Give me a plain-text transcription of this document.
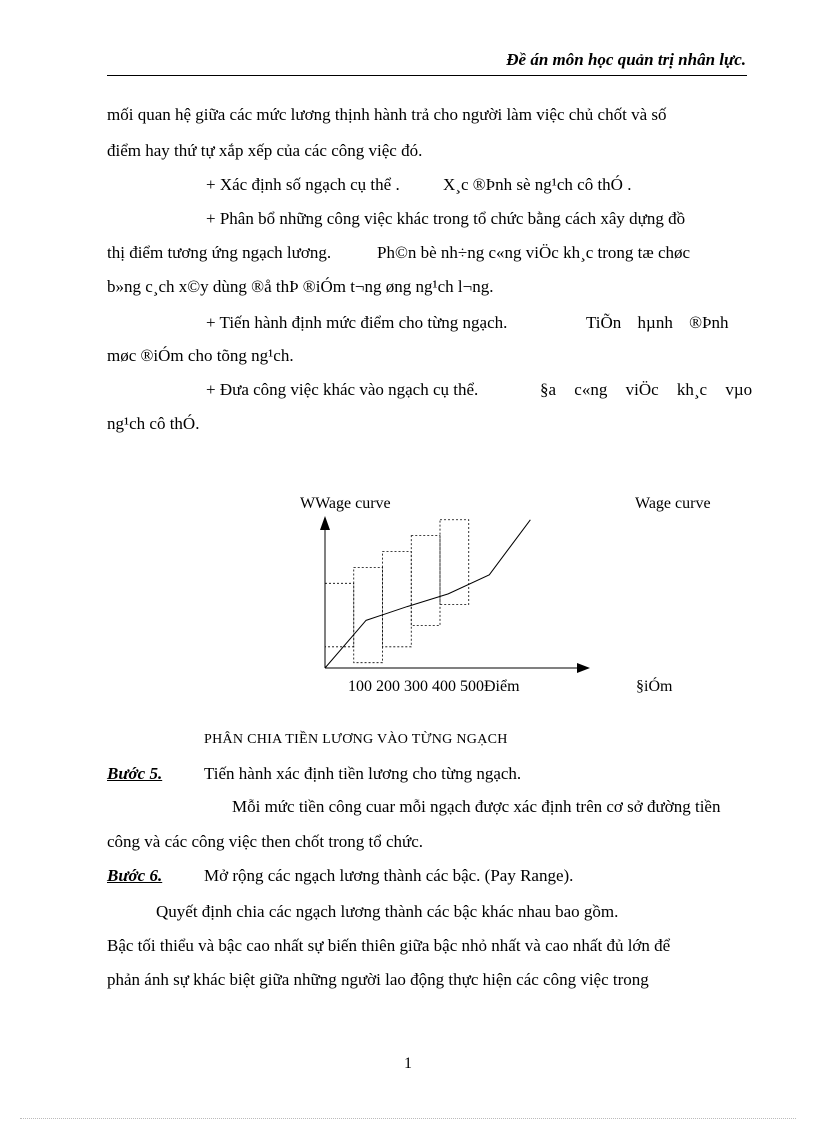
Đề án môn học quản trị nhân lực.
mối quan hệ giữa các mức lương thịnh hành trả cho người làm việc chủ chốt và số
điểm hay thứ tự xắp xếp của các công việc đó.
+ Xác định số ngạch cụ thể .	X¸c ®Þnh sè ng¹ch cô thÓ .
+ Phân bổ những công việc khác trong tổ chức bằng cách xây dựng đồ
thị điểm tương ứng ngạch lương.	Ph©n bè nh÷ng c«ng viÖc kh¸c trong tæ chøc
b»ng c¸ch x©y dùng ®å thÞ ®iÓm t¬ng øng ng¹ch l¬ng.
+ Tiến hành định mức điểm cho từng ngạch.	TiÕn hµnh ®Þnh
møc ®iÓm cho tõng ng¹ch.
+ Đưa công việc khác vào ngạch cụ thể.	§a c«ng viÖc kh¸c vµo
ng¹ch cô thÓ.
WWage curve	Wage curve
100 200 300 400 500Điểm	§iÓm
PHÂN CHIA TIỀN LƯƠNG VÀO TỪNG NGẠCH
Bước 5. Tiến hành xác định tiền lương cho từng ngạch.
Mỗi mức tiền công cuar mỗi ngạch được xác định trên cơ sở đường tiền
công và các công việc then chốt trong tổ chức.
Bước 6. Mở rộng các ngạch lương thành các bậc. (Pay Range).
Quyết định chia các ngạch lương thành các bậc khác nhau bao gồm.
Bậc tối thiểu và bậc cao nhất sự biến thiên giữa bậc nhỏ nhất và cao nhất đủ lớn để
phản ánh sự khác biệt giữa những người lao động thực hiện các công việc trong
1
